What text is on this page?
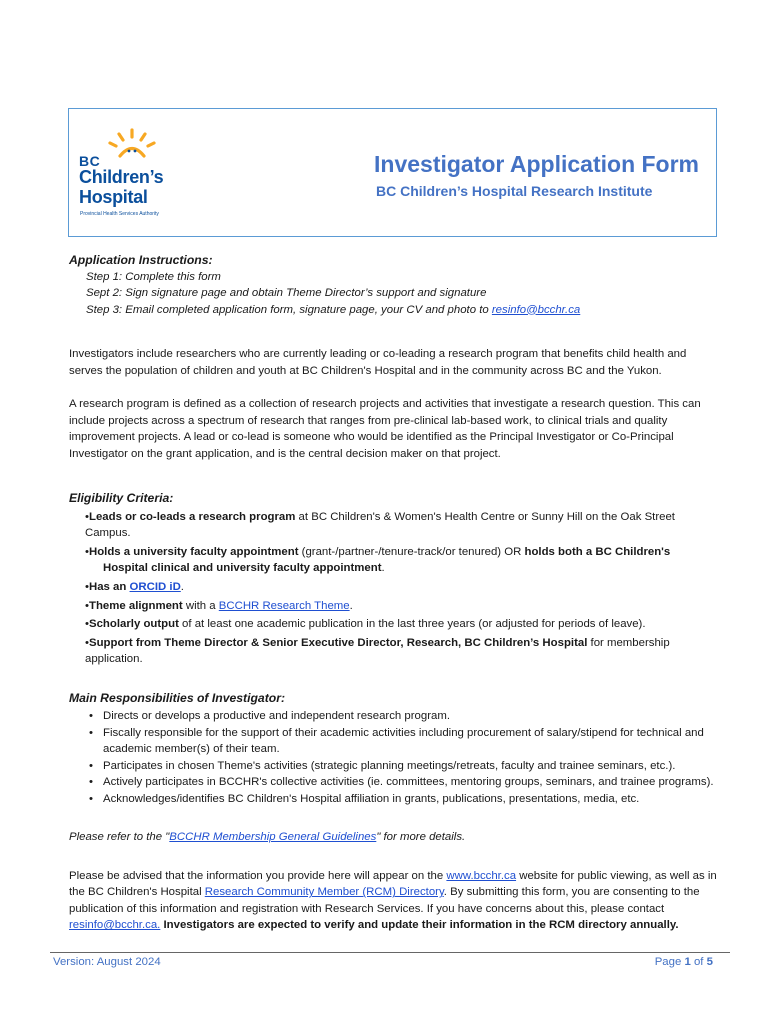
BC
Children’s
Hospital
Provincial Health Services Authority
Investigator Application Form
BC Children’s Hospital Research Institute
Application Instructions:
Step 1: Complete this form
Sept 2: Sign signature page and obtain Theme Director’s support and signature
Step 3: Email completed application form, signature page, your CV and photo to resinfo@bcchr.ca

Investigators include researchers who are currently leading or co-leading a research program that benefits child health and serves the population of children and youth at BC Children's Hospital and in the community across BC and the Yukon.

A research program is defined as a collection of research projects and activities that investigate a research question. This can include projects across a spectrum of research that ranges from pre-clinical lab-based work, to clinical trials and quality improvement projects. A lead or co-lead is someone who would be identified as the Principal Investigator or Co-Principal Investigator on the grant application, and is the central decision maker on that project.

Eligibility Criteria:
•Leads or co-leads a research program at BC Children's & Women's Health Centre or Sunny Hill on the Oak Street Campus.
•Holds a university faculty appointment (grant-/partner-/tenure-track/or tenured) OR holds both a BC Children's
Hospital clinical and university faculty appointment.
•Has an ORCID iD.
•Theme alignment with a BCCHR Research Theme.
•Scholarly output of at least one academic publication in the last three years (or adjusted for periods of leave).
•Support from Theme Director & Senior Executive Director, Research, BC Children’s Hospital for membership application.
Main Responsibilities of Investigator:
• Directs or develops a productive and independent research program.
• Fiscally responsible for the support of their academic activities including procurement of salary/stipend for technical and academic member(s) of their team.
• Participates in chosen Theme's activities (strategic planning meetings/retreats, faculty and trainee seminars, etc.).
• Actively participates in BCCHR's collective activities (ie. committees, mentoring groups, seminars, and trainee programs).
• Acknowledges/identifies BC Children's Hospital affiliation in grants, publications, presentations, media, etc.

Please refer to the "BCCHR Membership General Guidelines" for more details.

Please be advised that the information you provide here will appear on the www.bcchr.ca website for public viewing, as well as in the BC Children's Hospital Research Community Member (RCM) Directory. By submitting this form, you are consenting to the publication of this information and registration with Research Services. If you have concerns about this, please contact resinfo@bcchr.ca. Investigators are expected to verify and update their information in the RCM directory annually.

Version: August 2024	Page 1 of 5
